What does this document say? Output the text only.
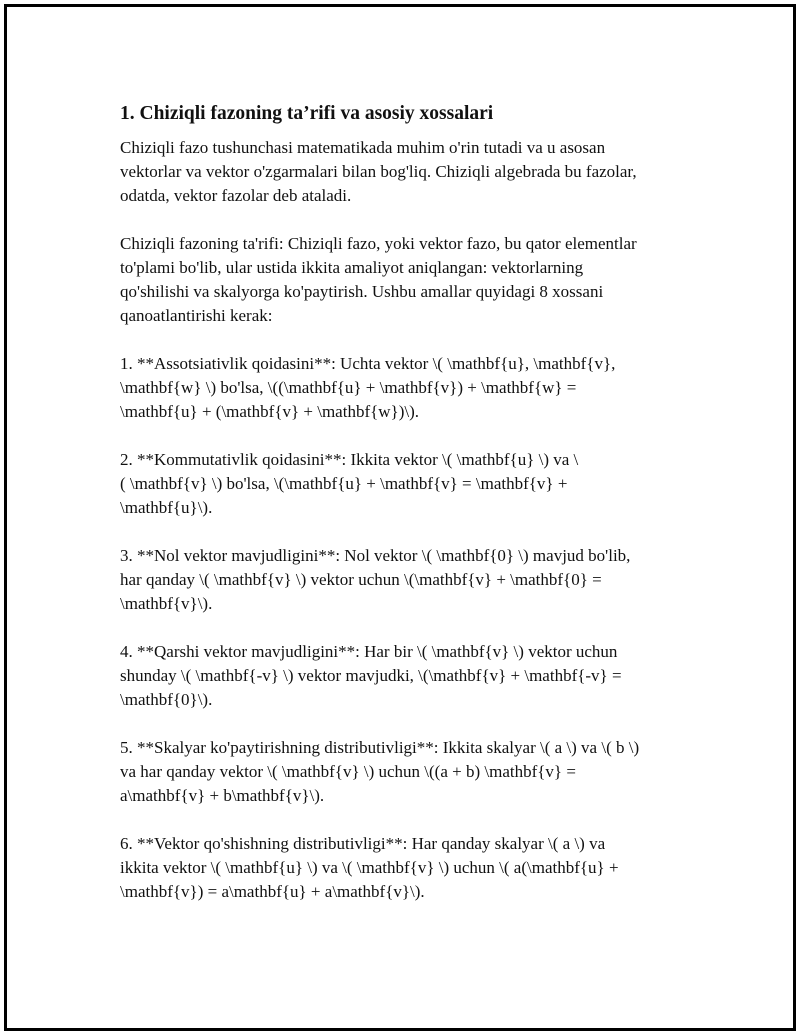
1. Chiziqli fazoning ta’rifi va asosiy xossalari

Chiziqli fazo tushunchasi matematikada muhim o'rin tutadi va u asosan
vektorlar va vektor o'zgarmalari bilan bog'liq. Chiziqli algebrada bu fazolar,
odatda, vektor fazolar deb ataladi.

Chiziqli fazoning ta'rifi: Chiziqli fazo, yoki vektor fazo, bu qator elementlar
to'plami bo'lib, ular ustida ikkita amaliyot aniqlangan: vektorlarning
qo'shilishi va skalyorga ko'paytirish. Ushbu amallar quyidagi 8 xossani
qanoatlantirishi kerak:

1. **Assotsiativlik qoidasini**: Uchta vektor \( \mathbf{u}, \mathbf{v},
\mathbf{w} \) bo'lsa, \((\mathbf{u} + \mathbf{v}) + \mathbf{w} =
\mathbf{u} + (\mathbf{v} + \mathbf{w})\).

2. **Kommutativlik qoidasini**: Ikkita vektor \( \mathbf{u} \) va \
( \mathbf{v} \) bo'lsa, \(\mathbf{u} + \mathbf{v} = \mathbf{v} +
\mathbf{u}\).

3. **Nol vektor mavjudligini**: Nol vektor \( \mathbf{0} \) mavjud bo'lib,
har qanday \( \mathbf{v} \) vektor uchun \(\mathbf{v} + \mathbf{0} =
\mathbf{v}\).

4. **Qarshi vektor mavjudligini**: Har bir \( \mathbf{v} \) vektor uchun
shunday \( \mathbf{-v} \) vektor mavjudki, \(\mathbf{v} + \mathbf{-v} =
\mathbf{0}\).

5. **Skalyar ko'paytirishning distributivligi**: Ikkita skalyar \( a \) va \( b \)
va har qanday vektor \( \mathbf{v} \) uchun \((a + b) \mathbf{v} =
a\mathbf{v} + b\mathbf{v}\).

6. **Vektor qo'shishning distributivligi**: Har qanday skalyar \( a \) va
ikkita vektor \( \mathbf{u} \) va \( \mathbf{v} \) uchun \( a(\mathbf{u} +
\mathbf{v}) = a\mathbf{u} + a\mathbf{v}\).
